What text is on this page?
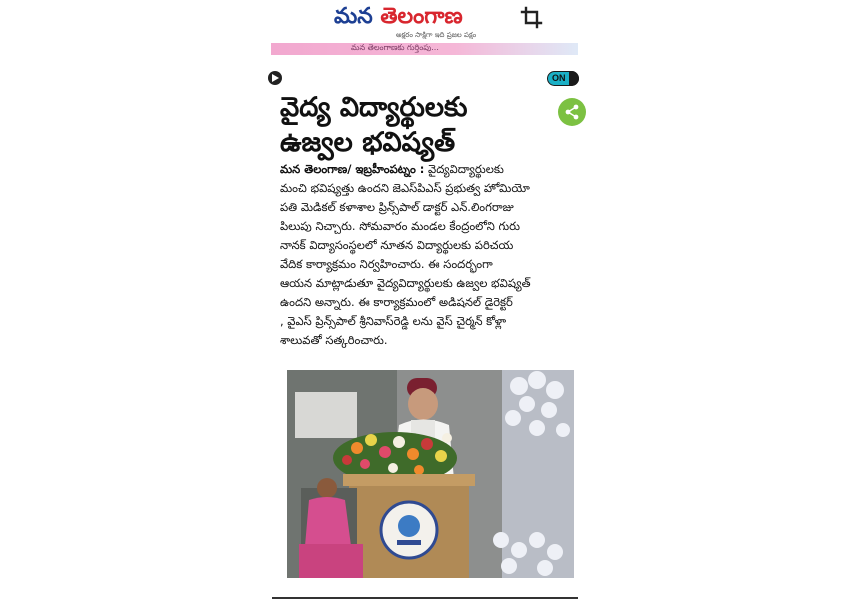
మన తెలంగాణ
అక్షరం సాక్షిగా ఇది ప్రజల పక్షం
మన తెలంగాణకు గుర్తింపు...
ON
వైద్య విద్యార్థులకు
ఉజ్వల భవిష్యత్
మన తెలంగాణ/ ఇబ్రహీంపట్నం : వైద్యవిద్యార్థులకు
మంచి భవిష్యత్తు ఉందని జెఎస్‌పిఎస్ ప్రభుత్వ హోమియో
పతి మెడికల్ కళాశాల ప్రిన్స్‌పాల్ డాక్టర్ ఎన్.లింగరాజు
పిలుపు నిచ్చారు. సోమవారం మండల కేంద్రంలోని గురు
నానక్ విద్యాసంస్థలలో నూతన విద్యార్థులకు పరిచయ
వేదిక కార్యాక్రమం నిర్వహించారు. ఈ సందర్భంగా
ఆయన మాట్లాడుతూ వైద్యవిద్యార్థులకు ఉజ్వల భవిష్యత్
ఉందని అన్నారు. ఈ కార్యాక్రమంలో అడిషనల్ డైరెక్టర్
, వైఎస్ ప్రిన్స్‌పాల్ శ్రీనివాస్‌రెడ్డి లను వైస్ చైర్మన్ కోళ్లా
శాలువతో సత్కరించారు.
